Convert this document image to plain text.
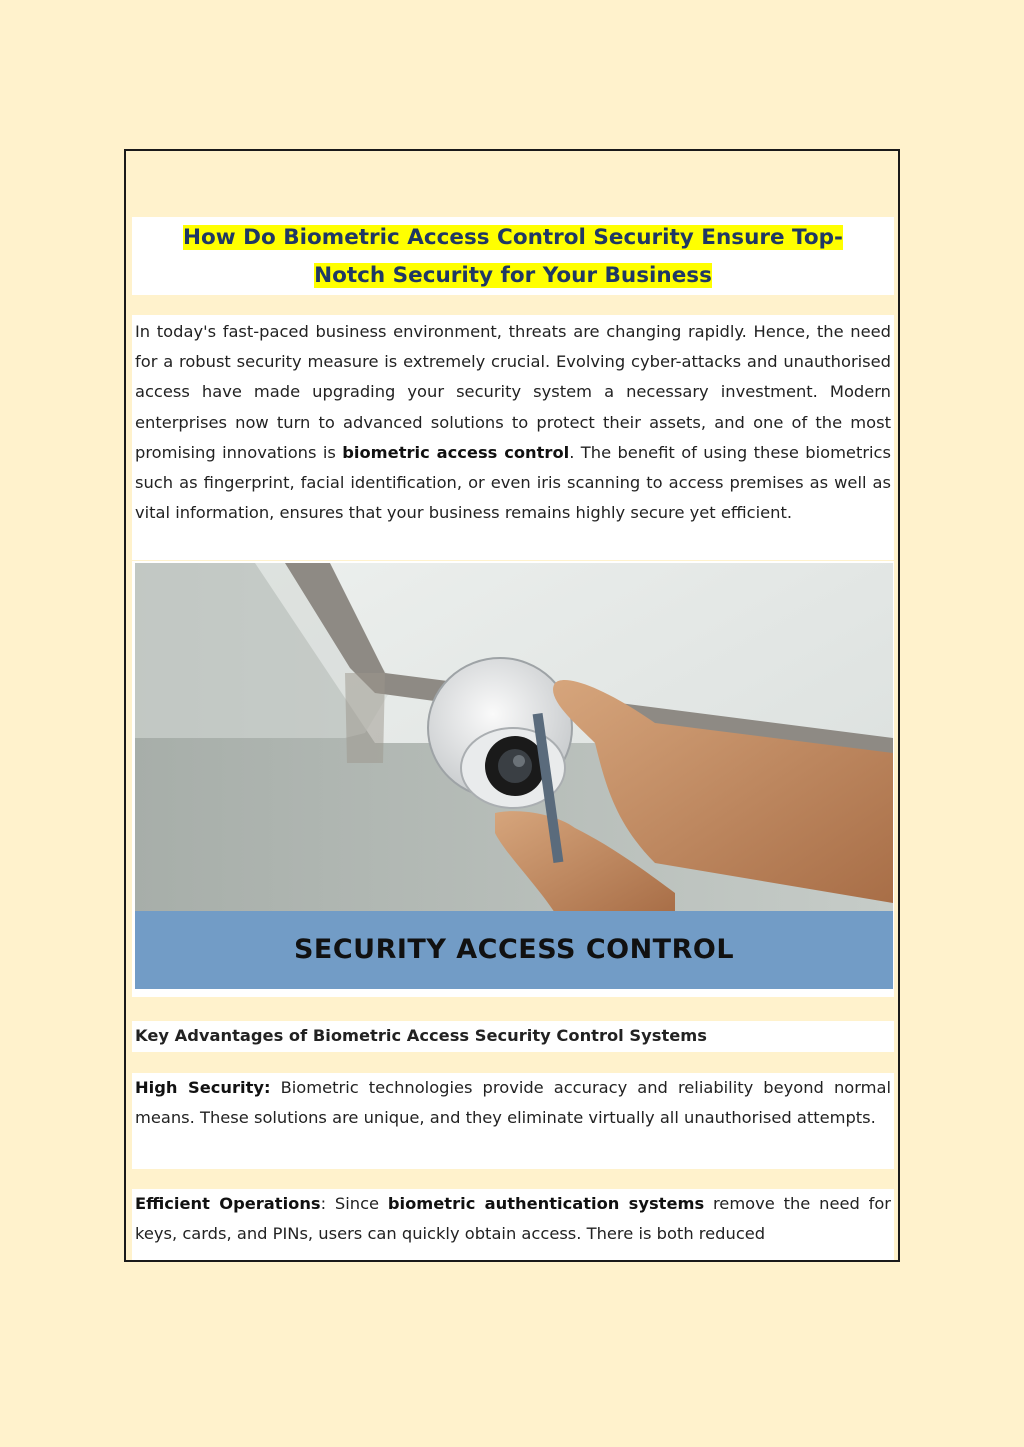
How Do Biometric Access Control Security Ensure Top-
Notch Security for Your Business

In today's fast-paced business environment, threats are changing rapidly. Hence, the need for a robust security measure is extremely crucial. Evolving cyber-attacks and unauthorised access have made upgrading your security system a necessary investment. Modern enterprises now turn to advanced solutions to protect their assets, and one of the most promising innovations is biometric access control. The benefit of using these biometrics such as fingerprint, facial identification, or even iris scanning to access premises as well as vital information, ensures that your business remains highly secure yet efficient.

SECURITY ACCESS CONTROL
Key Advantages of Biometric Access Security Control Systems

High Security: Biometric technologies provide accuracy and reliability beyond normal means. These solutions are unique, and they eliminate virtually all unauthorised attempts.

Efficient Operations: Since biometric authentication systems remove the need for keys, cards, and PINs, users can quickly obtain access. There is both reduced
